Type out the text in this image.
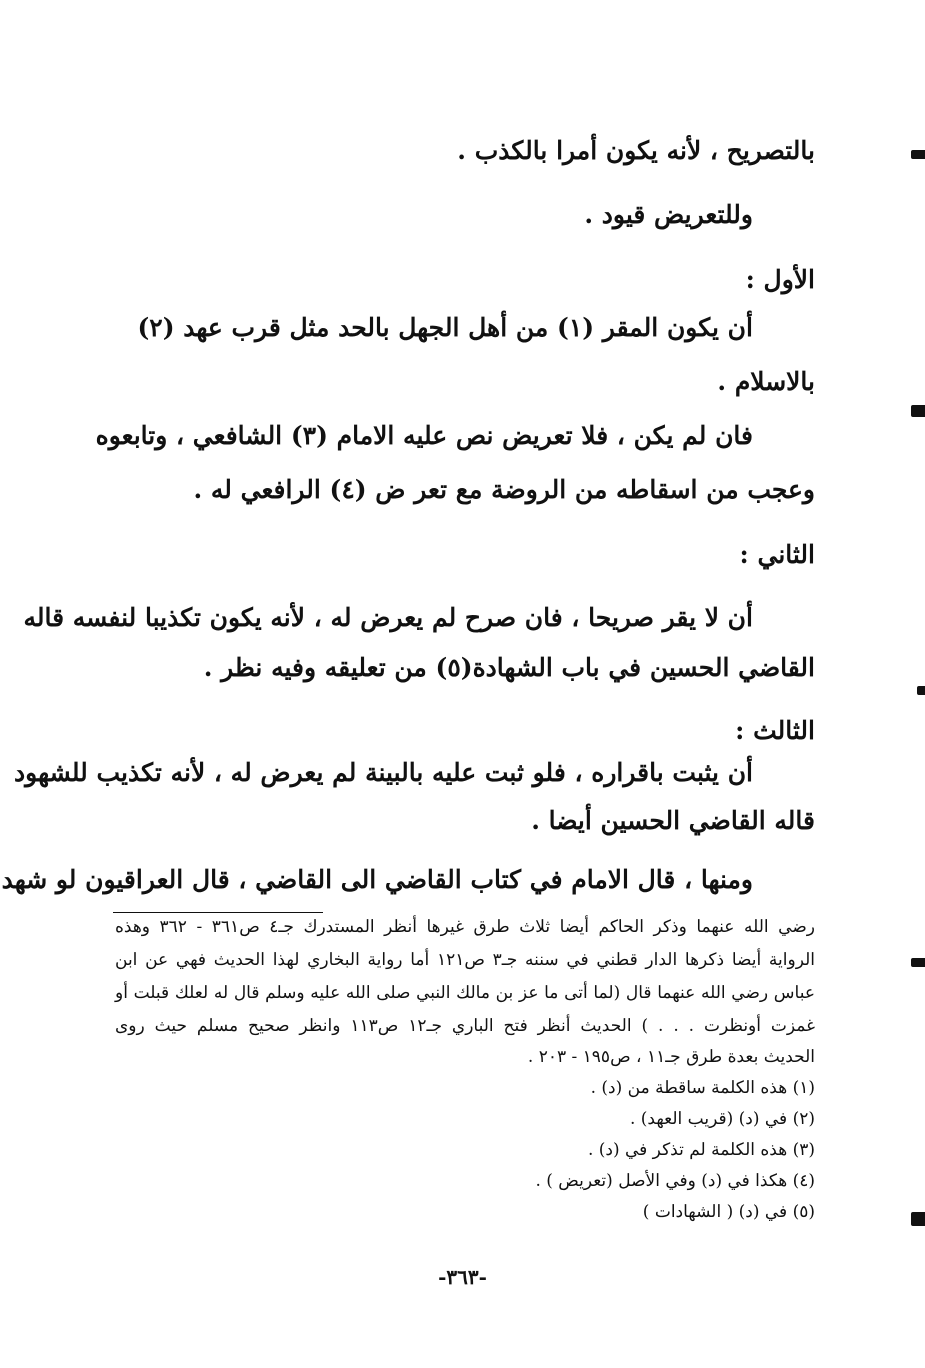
بالتصريح ، لأنه يكون أمرا بالكذب .
وللتعريض قيود .
الأول :
أن يكون المقر (١) من أهل الجهل بالحد مثل قرب عهد (٢)
بالاسلام .
فان لم يكن ، فلا تعريض نص عليه الامام (٣) الشافعي ، وتابعوه
وعجب من اسقاطه من الروضة مع تعر ض (٤) الرافعي له .
الثاني :
أن لا يقر صريحا ، فان صرح لم يعرض له ، لأنه يكون تكذيبا لنفسه قاله
القاضي الحسين في باب الشهادة(٥) من تعليقه وفيه نظر .
الثالث :
أن يثبت باقراره ، فلو ثبت عليه بالبينة لم يعرض له ، لأنه تكذيب للشهود
قاله القاضي الحسين أيضا .
ومنها ، قال الامام في كتاب القاضي الى القاضي ، قال العراقيون لو شهد
رضي الله عنهما وذكر الحاكم أيضا ثلاث طرق غيرها أنظر المستدرك جـ٤ ص٣٦١ - ٣٦٢ وهذه
الرواية أيضا ذكرها الدار قطني في سننه جـ٣ ص١٢١ أما رواية البخاري لهذا الحديث فهي عن ابن
عباس رضي الله عنهما قال (لما أتى ما عز بن مالك النبي صلى الله عليه وسلم قال له لعلك قبلت أو
غمزت أونظرت . . . ) الحديث أنظر فتح الباري جـ١٢ ص١١٣ وانظر صحيح مسلم حيث روى
الحديث بعدة طرق جـ١١ ، ص١٩٥ - ٢٠٣ .
(١) هذه الكلمة ساقطة من (د) .
(٢) في (د) (قريب العهد) .
(٣) هذه الكلمة لم تذكر في (د) .
(٤) هكذا في (د) وفي الأصل (تعريض ) .
(٥) في (د) ( الشهادات )
-٣٦٣-
